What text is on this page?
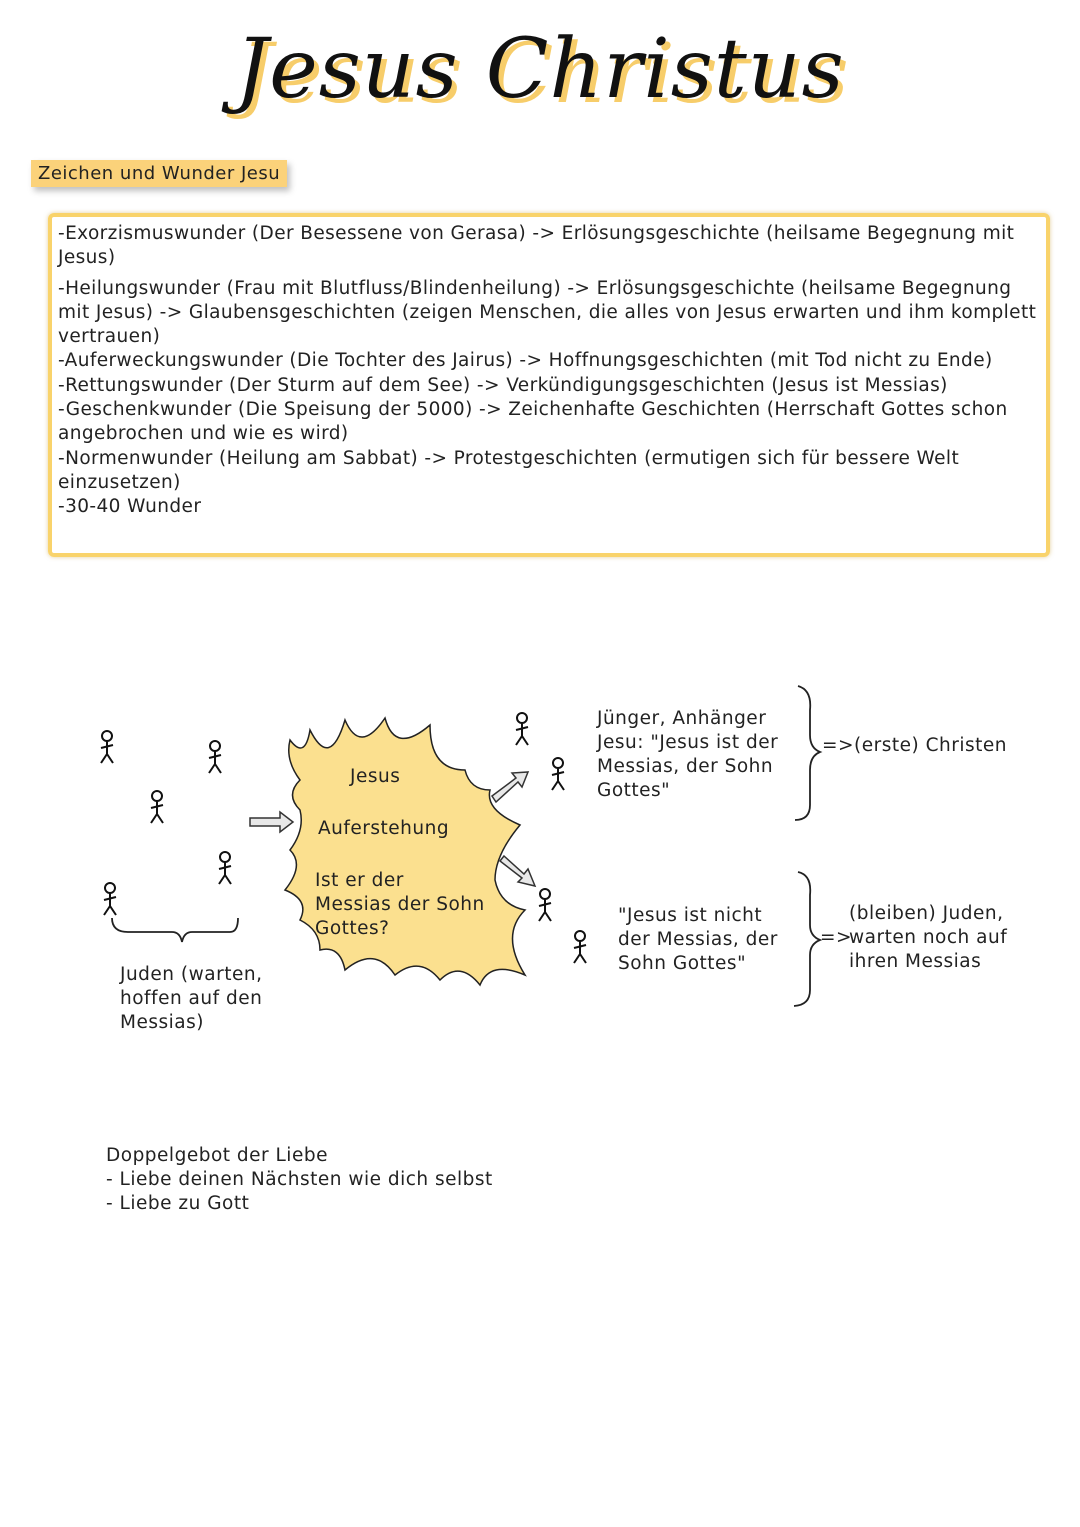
Jesus Christus
Zeichen und Wunder Jesu
-Exorzismuswunder (Der Besessene von Gerasa) -> Erlösungsgeschichte (heilsame Begegnung mit Jesus)
-Heilungswunder (Frau mit Blutfluss/Blindenheilung) -> Erlösungsgeschichte (heilsame Begegnung mit Jesus) -> Glaubensgeschichten (zeigen Menschen, die alles von Jesus erwarten und ihm komplett vertrauen)
-Auferweckungswunder (Die Tochter des Jairus) -> Hoffnungsgeschichten (mit Tod nicht zu Ende)
-Rettungswunder (Der Sturm auf dem See) -> Verkündigungsgeschichten (Jesus ist Messias)
-Geschenkwunder (Die Speisung der 5000) -> Zeichenhafte Geschichten (Herrschaft Gottes schon angebrochen und wie es wird)
-Normenwunder (Heilung am Sabbat) -> Protestgeschichten (ermutigen sich für bessere Welt einzusetzen)
-30-40 Wunder
Jesus
Auferstehung
Ist er der
Messias der Sohn
Gottes?
Juden (warten,
hoffen auf den
Messias)
Jünger, Anhänger
Jesu: "Jesus ist der
Messias, der Sohn
Gottes"
=>(erste) Christen
"Jesus ist nicht
der Messias, der
Sohn Gottes"
=>
(bleiben) Juden,
warten noch auf
ihren Messias
Doppelgebot der Liebe
- Liebe deinen Nächsten wie dich selbst
- Liebe zu Gott
